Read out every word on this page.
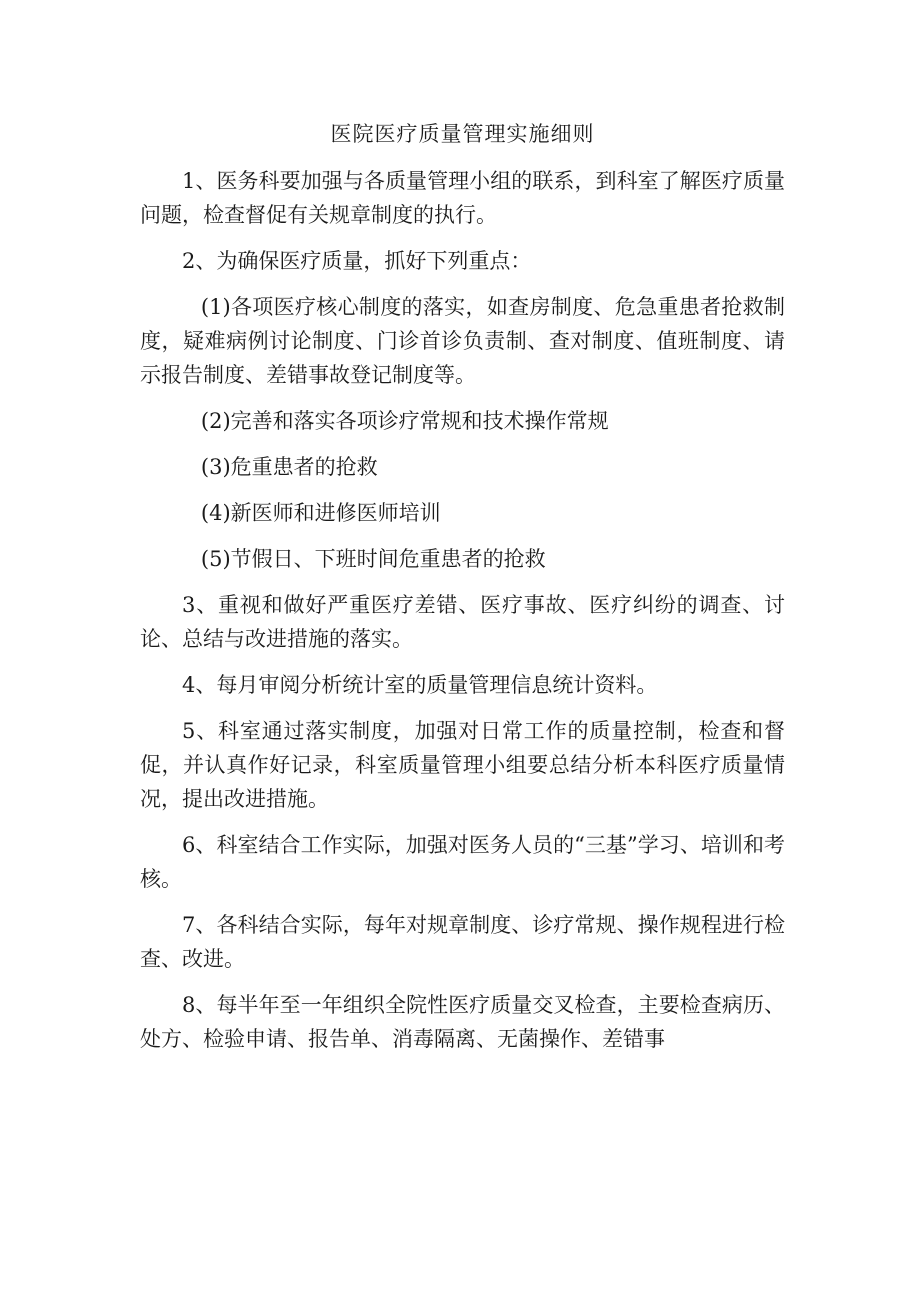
医院医疗质量管理实施细则

1、医务科要加强与各质量管理小组的联系，到科室了解医疗质量问题，检查督促有关规章制度的执行。

2、为确保医疗质量，抓好下列重点：

(1)各项医疗核心制度的落实，如查房制度、危急重患者抢救制度，疑难病例讨论制度、门诊首诊负责制、查对制度、值班制度、请示报告制度、差错事故登记制度等。

(2)完善和落实各项诊疗常规和技术操作常规

(3)危重患者的抢救

(4)新医师和进修医师培训

(5)节假日、下班时间危重患者的抢救

3、重视和做好严重医疗差错、医疗事故、医疗纠纷的调查、讨论、总结与改进措施的落实。

4、每月审阅分析统计室的质量管理信息统计资料。

5、科室通过落实制度，加强对日常工作的质量控制，检查和督促，并认真作好记录，科室质量管理小组要总结分析本科医疗质量情况，提出改进措施。

6、科室结合工作实际，加强对医务人员的“三基”学习、培训和考核。

7、各科结合实际，每年对规章制度、诊疗常规、操作规程进行检查、改进。

8、每半年至一年组织全院性医疗质量交叉检查，主要检查病历、处方、检验申请、报告单、消毒隔离、无菌操作、差错事
